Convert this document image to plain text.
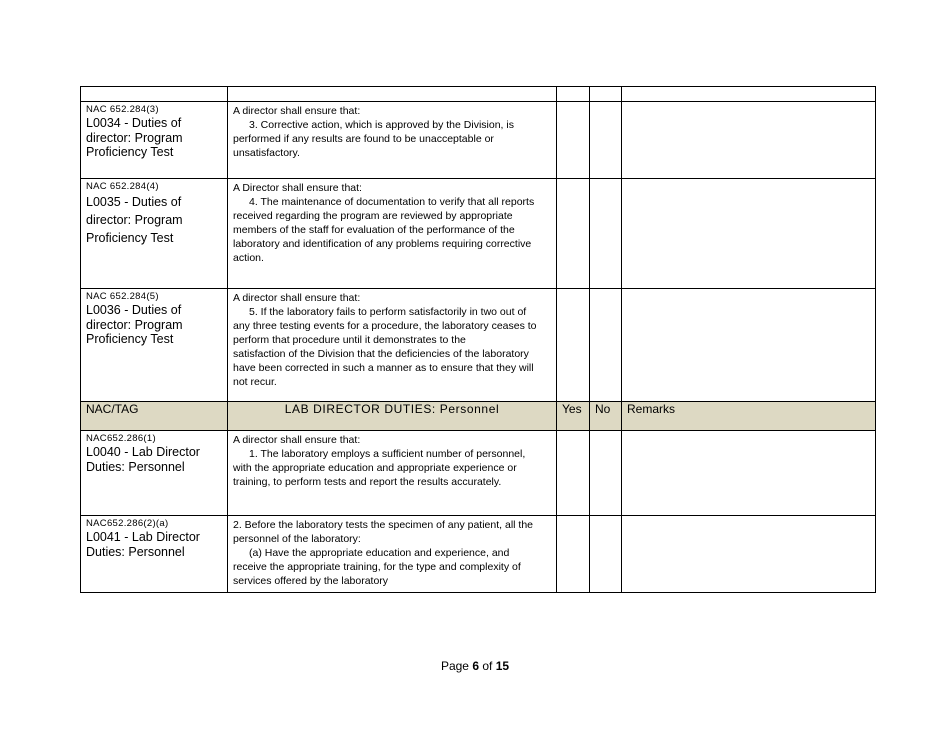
NAC 652.284(3)
L0034 - Duties of director: Program Proficiency Test	A director shall ensure that:
3. Corrective action, which is approved by the Division, is
performed if any results are found to be unacceptable or unsatisfactory.			

NAC 652.284(4)
L0035 - Duties of director: Program Proficiency Test	A Director shall ensure that:
4. The maintenance of documentation to verify that all reports
received regarding the program are reviewed by appropriate members of the staff for evaluation of the performance of the laboratory and identification of any problems requiring corrective action.			

NAC 652.284(5)
L0036 - Duties of director: Program Proficiency Test	A director shall ensure that:
5. If the laboratory fails to perform satisfactorily in two out of
any three testing events for a procedure, the laboratory ceases to perform that procedure until it demonstrates to the
satisfaction of the Division that the deficiencies of the laboratory have been corrected in such a manner as to ensure that they will not recur.			

NAC/TAG	LAB DIRECTOR DUTIES: Personnel	Yes	No	Remarks

NAC652.286(1)
L0040 - Lab Director Duties: Personnel	A director shall ensure that:
1. The laboratory employs a sufficient number of personnel,
with the appropriate education and appropriate experience or training, to perform tests and report the results accurately.			

NAC652.286(2)(a)
L0041 - Lab Director Duties: Personnel	2. Before the laboratory tests the specimen of any patient, all the personnel of the laboratory:
(a) Have the appropriate education and experience, and
receive the appropriate training, for the type and complexity of services offered by the laboratory			

Page 6 of 15
